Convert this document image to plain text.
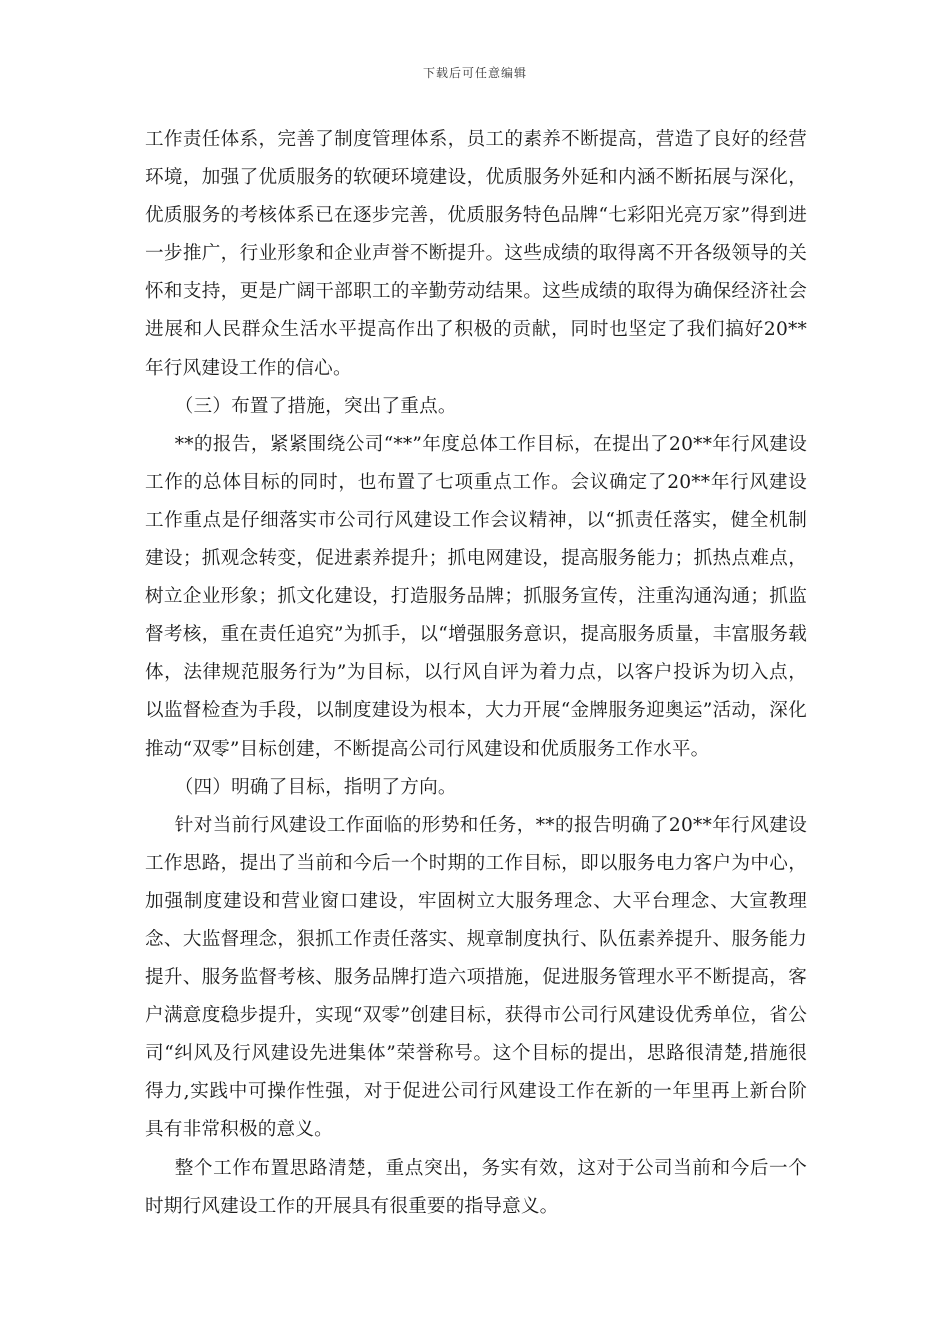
下载后可任意编辑

工作责任体系，完善了制度管理体系，员工的素养不断提高，营造了良好的经营环境，加强了优质服务的软硬环境建设，优质服务外延和内涵不断拓展与深化，优质服务的考核体系已在逐步完善，优质服务特色品牌“七彩阳光亮万家”得到进一步推广，行业形象和企业声誉不断提升。这些成绩的取得离不开各级领导的关怀和支持，更是广阔干部职工的辛勤劳动结果。这些成绩的取得为确保经济社会进展和人民群众生活水平提高作出了积极的贡献，同时也坚定了我们搞好20**年行风建设工作的信心。

（三）布置了措施，突出了重点。

**的报告，紧紧围绕公司“**”年度总体工作目标，在提出了20**年行风建设工作的总体目标的同时，也布置了七项重点工作。会议确定了20**年行风建设工作重点是仔细落实市公司行风建设工作会议精神，以“抓责任落实，健全机制建设；抓观念转变，促进素养提升；抓电网建设，提高服务能力；抓热点难点，树立企业形象；抓文化建设，打造服务品牌；抓服务宣传，注重沟通沟通；抓监督考核，重在责任追究”为抓手，以“增强服务意识，提高服务质量，丰富服务载体，法律规范服务行为”为目标，以行风自评为着力点，以客户投诉为切入点，以监督检查为手段，以制度建设为根本，大力开展“金牌服务迎奥运”活动，深化推动“双零”目标创建，不断提高公司行风建设和优质服务工作水平。

（四）明确了目标，指明了方向。

针对当前行风建设工作面临的形势和任务，**的报告明确了20**年行风建设工作思路，提出了当前和今后一个时期的工作目标，即以服务电力客户为中心，加强制度建设和营业窗口建设，牢固树立大服务理念、大平台理念、大宣教理念、大监督理念，狠抓工作责任落实、规章制度执行、队伍素养提升、服务能力提升、服务监督考核、服务品牌打造六项措施，促进服务管理水平不断提高，客户满意度稳步提升，实现“双零”创建目标，获得市公司行风建设优秀单位，省公司“纠风及行风建设先进集体”荣誉称号。这个目标的提出，思路很清楚,措施很得力,实践中可操作性强，对于促进公司行风建设工作在新的一年里再上新台阶具有非常积极的意义。

整个工作布置思路清楚，重点突出，务实有效，这对于公司当前和今后一个时期行风建设工作的开展具有很重要的指导意义。
